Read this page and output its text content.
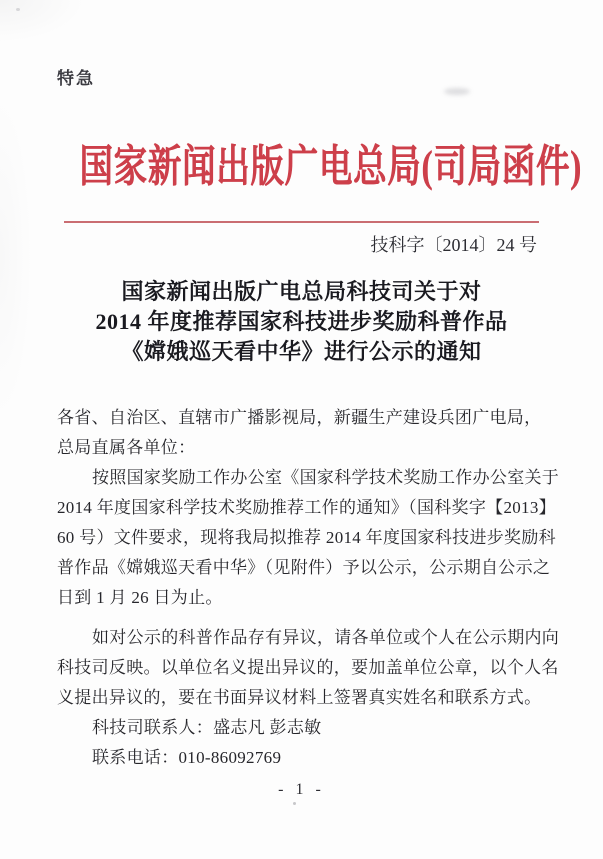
特急
国家新闻出版广电总局(司局函件)
技科字〔2014〕24 号
国家新闻出版广电总局科技司关于对
2014 年度推荐国家科技进步奖励科普作品
《嫦娥巡天看中华》进行公示的通知
各省、自治区、直辖市广播影视局，新疆生产建设兵团广电局，
总局直属各单位：
按照国家奖励工作办公室《国家科学技术奖励工作办公室关于
2014 年度国家科学技术奖励推荐工作的通知》（国科奖字【2013】
60 号）文件要求，现将我局拟推荐 2014 年度国家科技进步奖励科
普作品《嫦娥巡天看中华》（见附件）予以公示，公示期自公示之
日到 1 月 26 日为止。
如对公示的科普作品存有异议，请各单位或个人在公示期内向
科技司反映。以单位名义提出异议的，要加盖单位公章，以个人名
义提出异议的，要在书面异议材料上签署真实姓名和联系方式。
科技司联系人：盛志凡 彭志敏
联系电话：010-86092769
- 1 -
